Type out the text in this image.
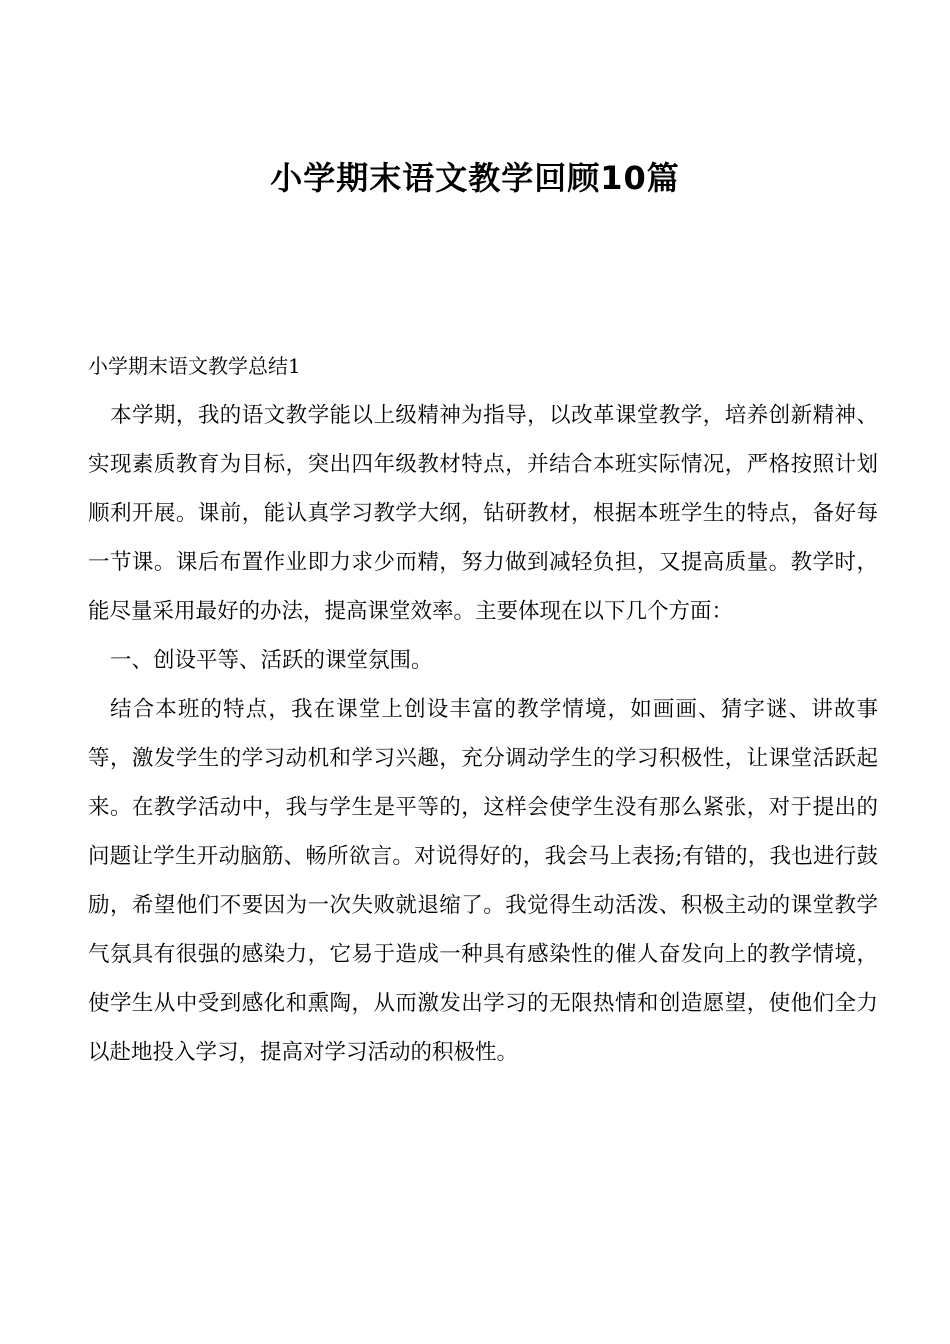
小学期末语文教学回顾10篇

小学期末语文教学总结1

本学期，我的语文教学能以上级精神为指导，以改革课堂教学，培养创新精神、实现素质教育为目标，突出四年级教材特点，并结合本班实际情况，严格按照计划顺利开展。课前，能认真学习教学大纲，钻研教材，根据本班学生的特点，备好每一节课。课后布置作业即力求少而精，努力做到减轻负担，又提高质量。教学时，能尽量采用最好的办法，提高课堂效率。主要体现在以下几个方面：

一、创设平等、活跃的课堂氛围。

结合本班的特点，我在课堂上创设丰富的教学情境，如画画、猜字谜、讲故事等，激发学生的学习动机和学习兴趣，充分调动学生的学习积极性，让课堂活跃起来。在教学活动中，我与学生是平等的，这样会使学生没有那么紧张，对于提出的问题让学生开动脑筋、畅所欲言。对说得好的，我会马上表扬;有错的，我也进行鼓励，希望他们不要因为一次失败就退缩了。我觉得生动活泼、积极主动的课堂教学气氛具有很强的感染力，它易于造成一种具有感染性的催人奋发向上的教学情境，使学生从中受到感化和熏陶，从而激发出学习的无限热情和创造愿望，使他们全力以赴地投入学习，提高对学习活动的积极性。
